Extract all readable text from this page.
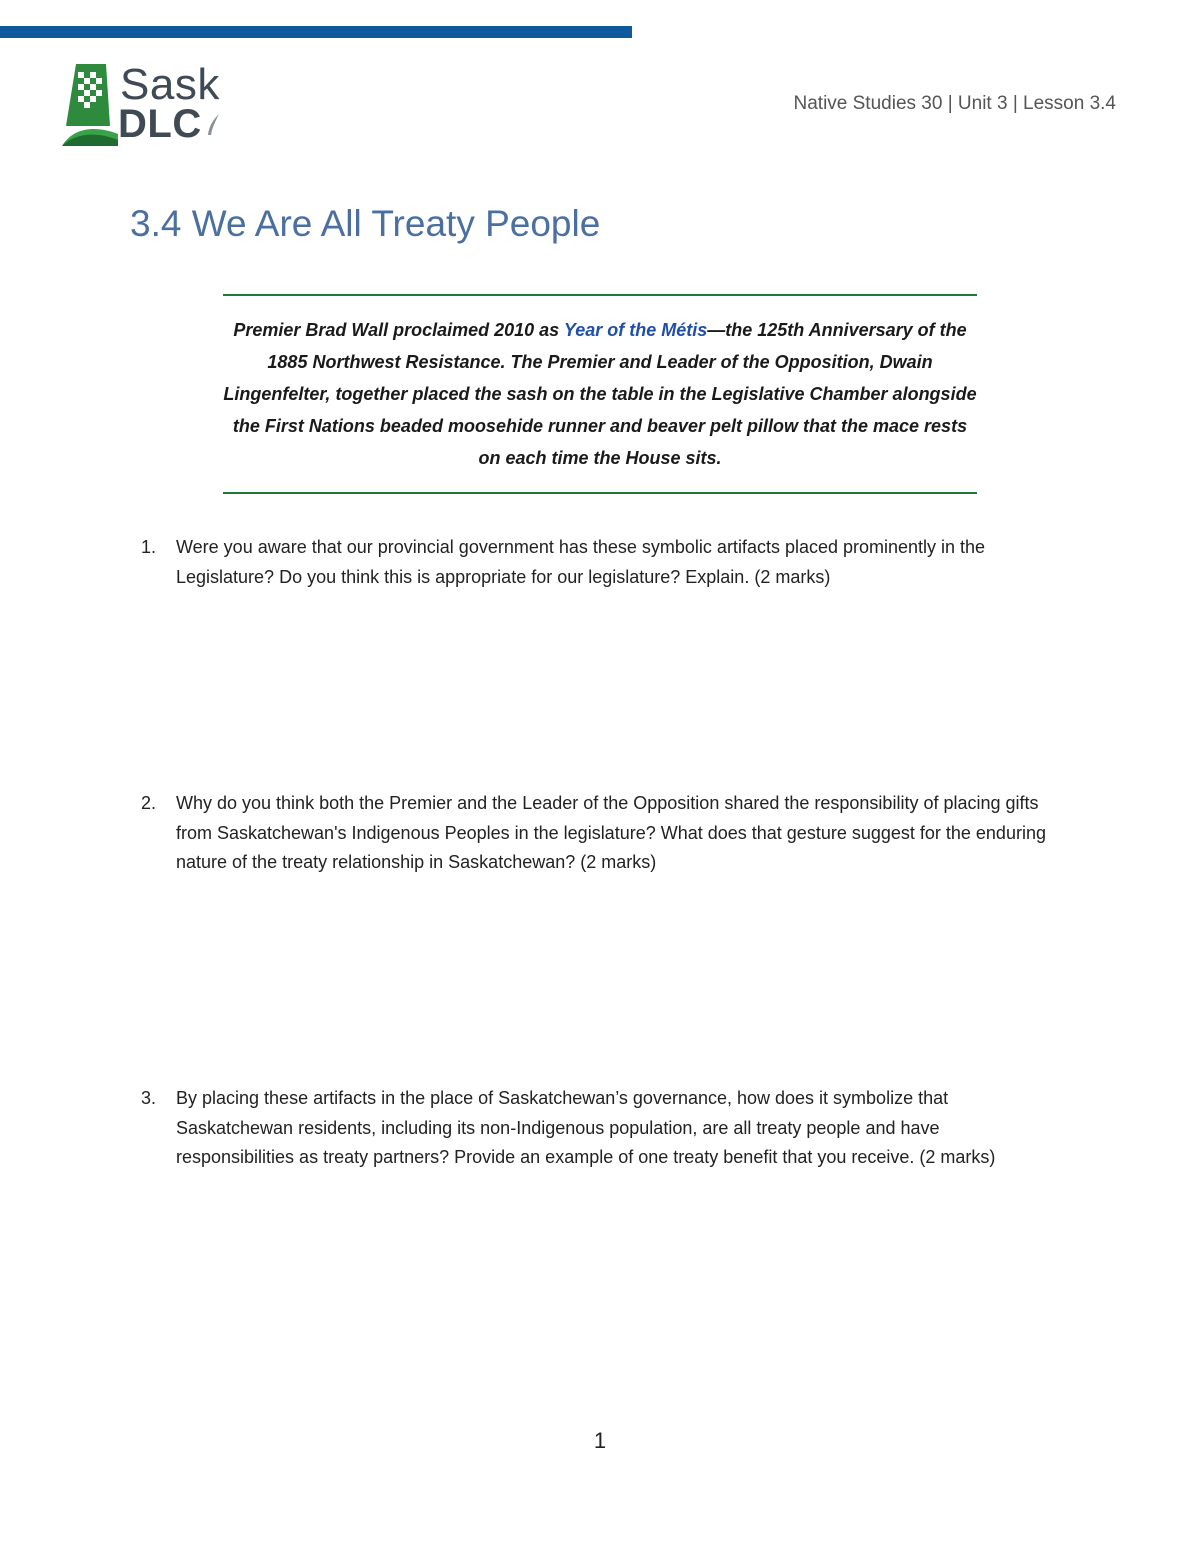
Sask
DLC	Native Studies 30 | Unit 3 | Lesson 3.4
3.4 We Are All Treaty People

Premier Brad Wall proclaimed 2010 as Year of the Métis—the 125th Anniversary of the 1885 Northwest Resistance. The Premier and Leader of the Opposition, Dwain Lingenfelter, together placed the sash on the table in the Legislative Chamber alongside the First Nations beaded moosehide runner and beaver pelt pillow that the mace rests on each time the House sits.

1.	Were you aware that our provincial government has these symbolic artifacts placed prominently in the Legislature? Do you think this is appropriate for our legislature? Explain. (2 marks)
2.	Why do you think both the Premier and the Leader of the Opposition shared the responsibility of placing gifts from Saskatchewan's Indigenous Peoples in the legislature? What does that gesture suggest for the enduring nature of the treaty relationship in Saskatchewan? (2 marks)
3.	By placing these artifacts in the place of Saskatchewan’s governance, how does it symbolize that Saskatchewan residents, including its non-Indigenous population, are all treaty people and have responsibilities as treaty partners? Provide an example of one treaty benefit that you receive. (2 marks)
1
